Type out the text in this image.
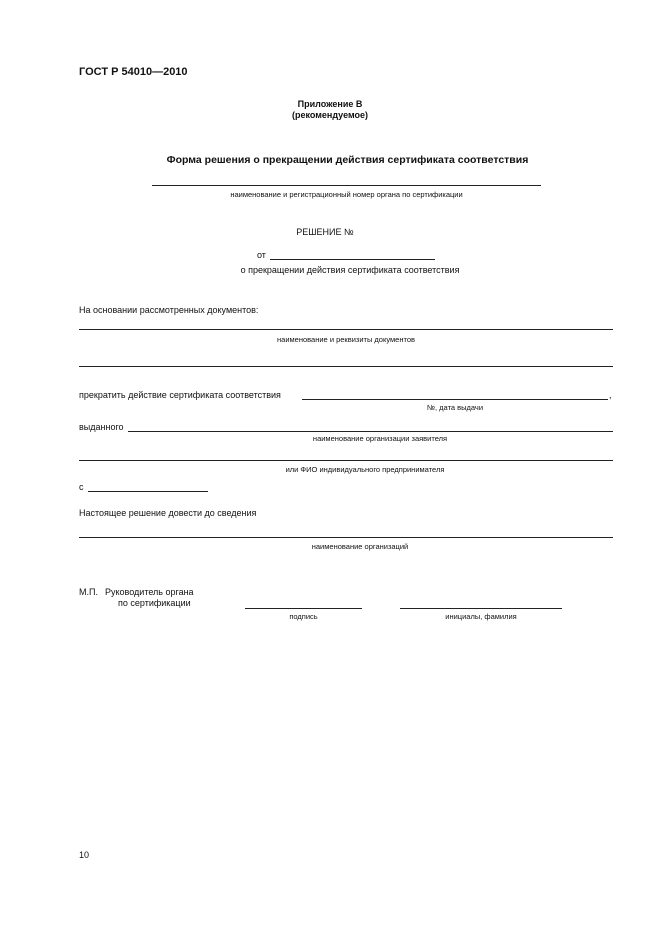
ГОСТ Р 54010—2010
Приложение В
(рекомендуемое)
Форма решения о прекращении действия сертификата соответствия
наименование и регистрационный номер органа по сертификации
РЕШЕНИЕ №
от
о прекращении действия сертификата соответствия
На основании рассмотренных документов:
наименование и реквизиты документов
прекратить действие сертификата соответствия	,
№, дата выдачи
выданного
наименование организации заявителя
или ФИО индивидуального предпринимателя
с
Настоящее решение довести до сведения
наименование организаций
М.П. Руководитель органа
по сертификации
подпись	инициалы, фамилия
10
